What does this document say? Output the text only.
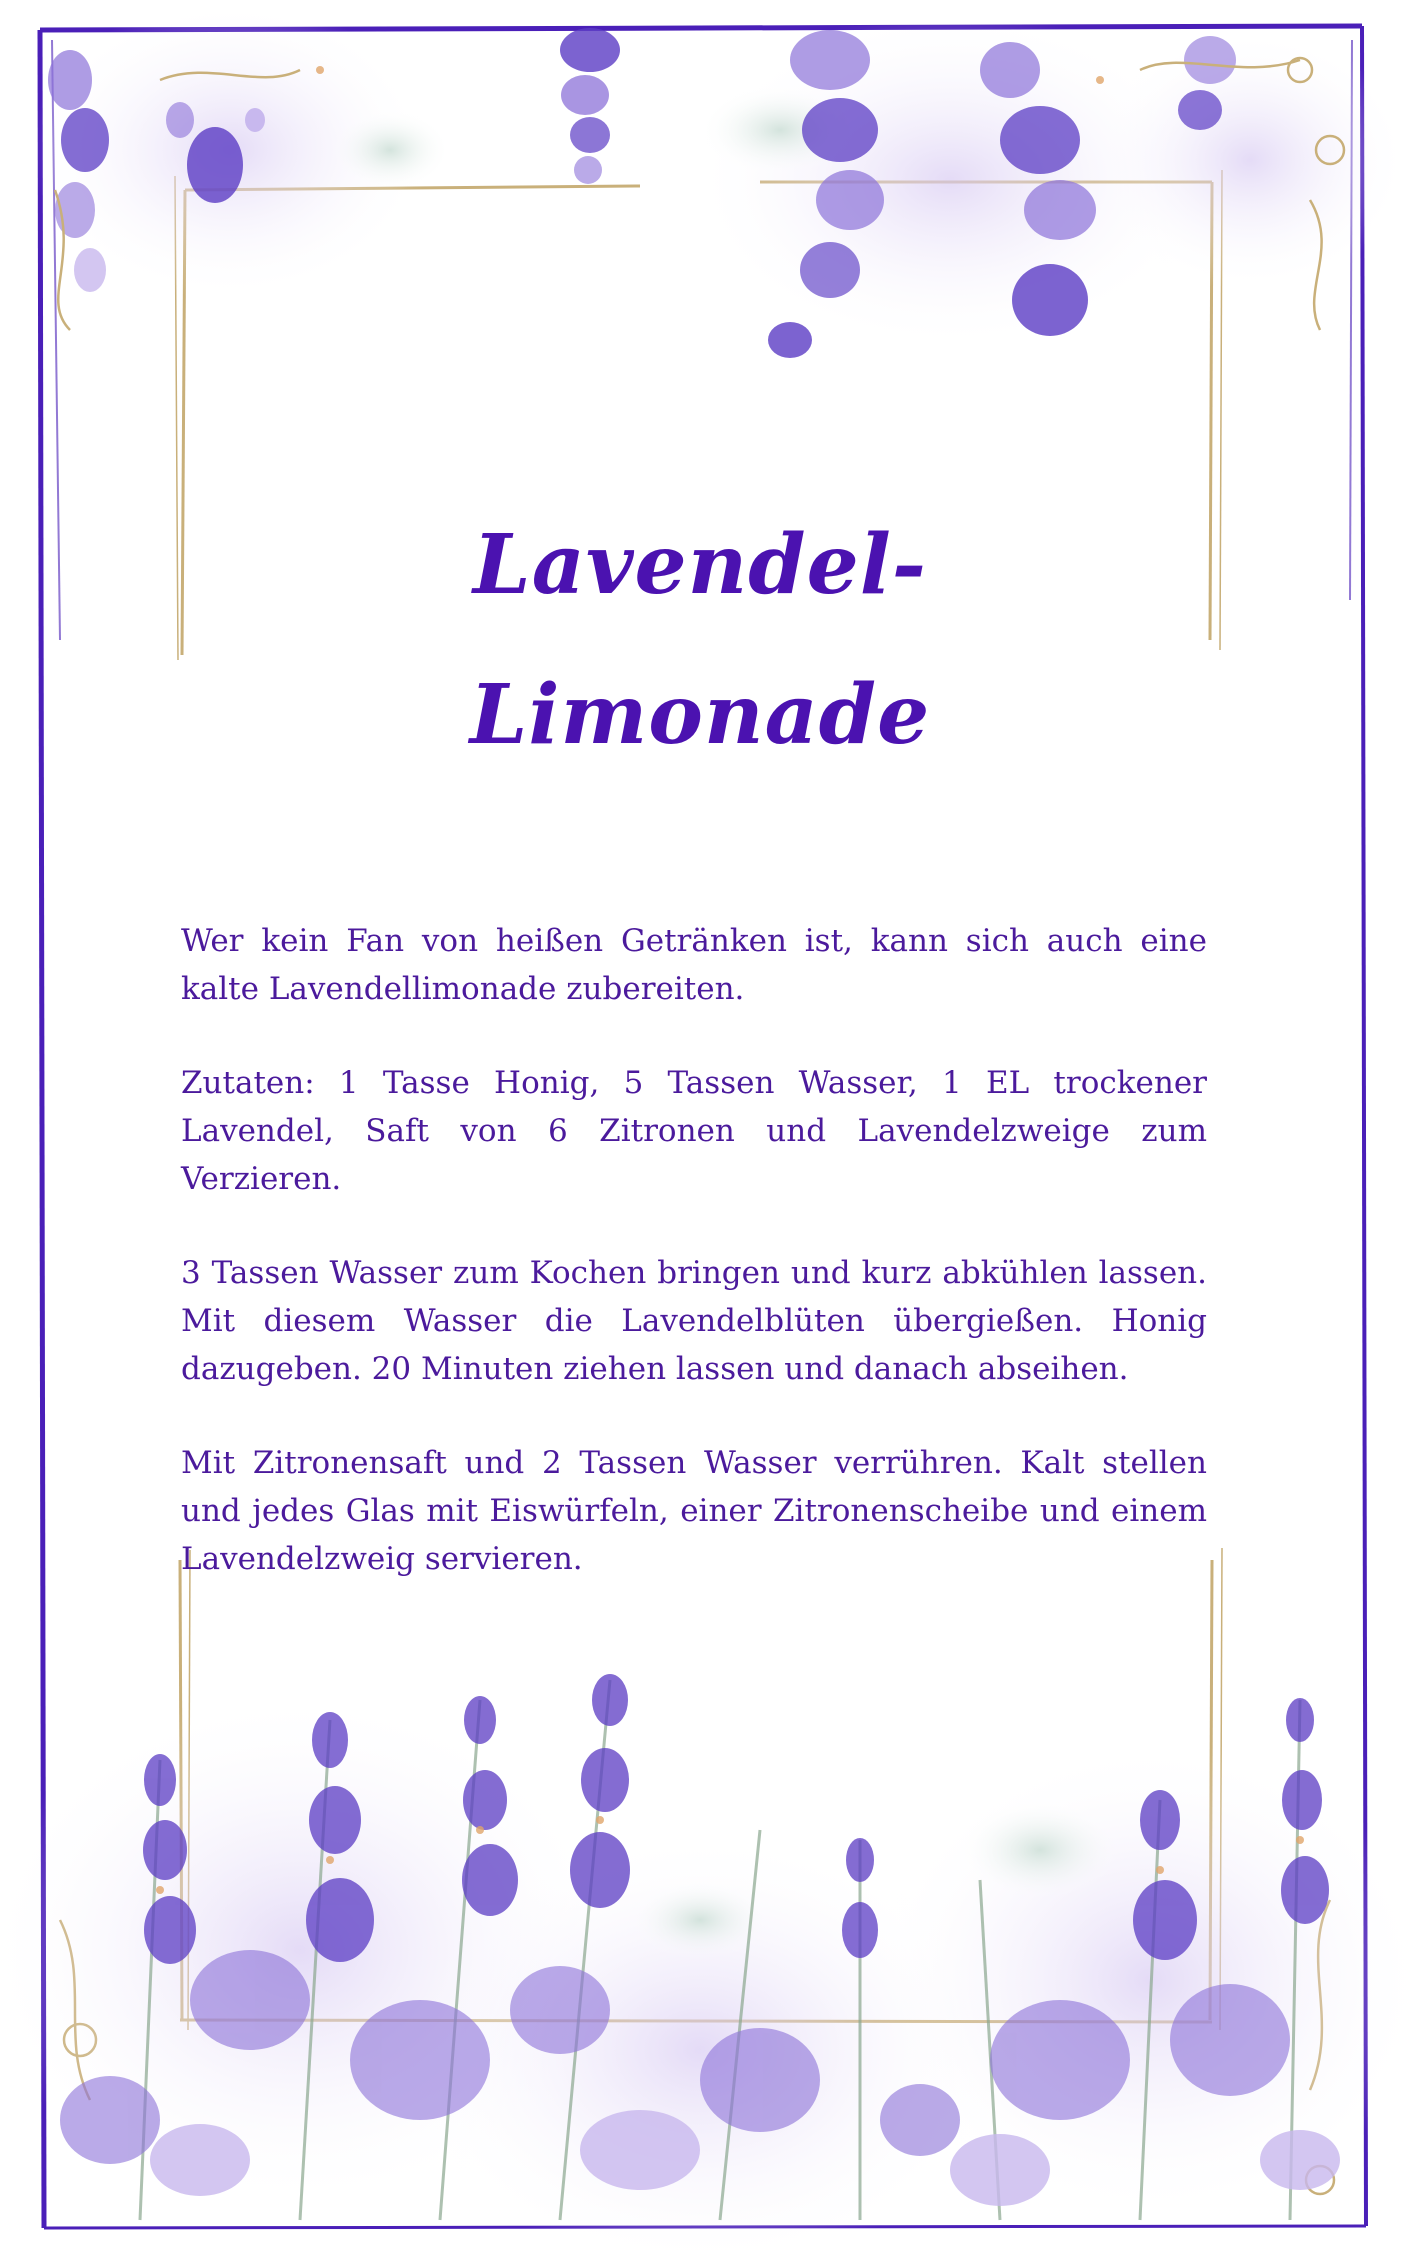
Lavendel-
Limonade

Wer kein Fan von heißen Getränken ist, kann sich auch eine kalte Lavendellimonade zubereiten.

Zutaten: 1 Tasse Honig, 5 Tassen Wasser, 1 EL trockener Lavendel, Saft von 6 Zitronen und Lavendelzweige zum Verzieren.

3 Tassen Wasser zum Kochen bringen und kurz abkühlen lassen. Mit diesem Wasser die Lavendelblüten übergießen. Honig dazugeben. 20 Minuten ziehen lassen und danach abseihen.

Mit Zitronensaft und 2 Tassen Wasser verrühren. Kalt stellen und jedes Glas mit Eiswürfeln, einer Zitronenscheibe und einem Lavendelzweig servieren.
